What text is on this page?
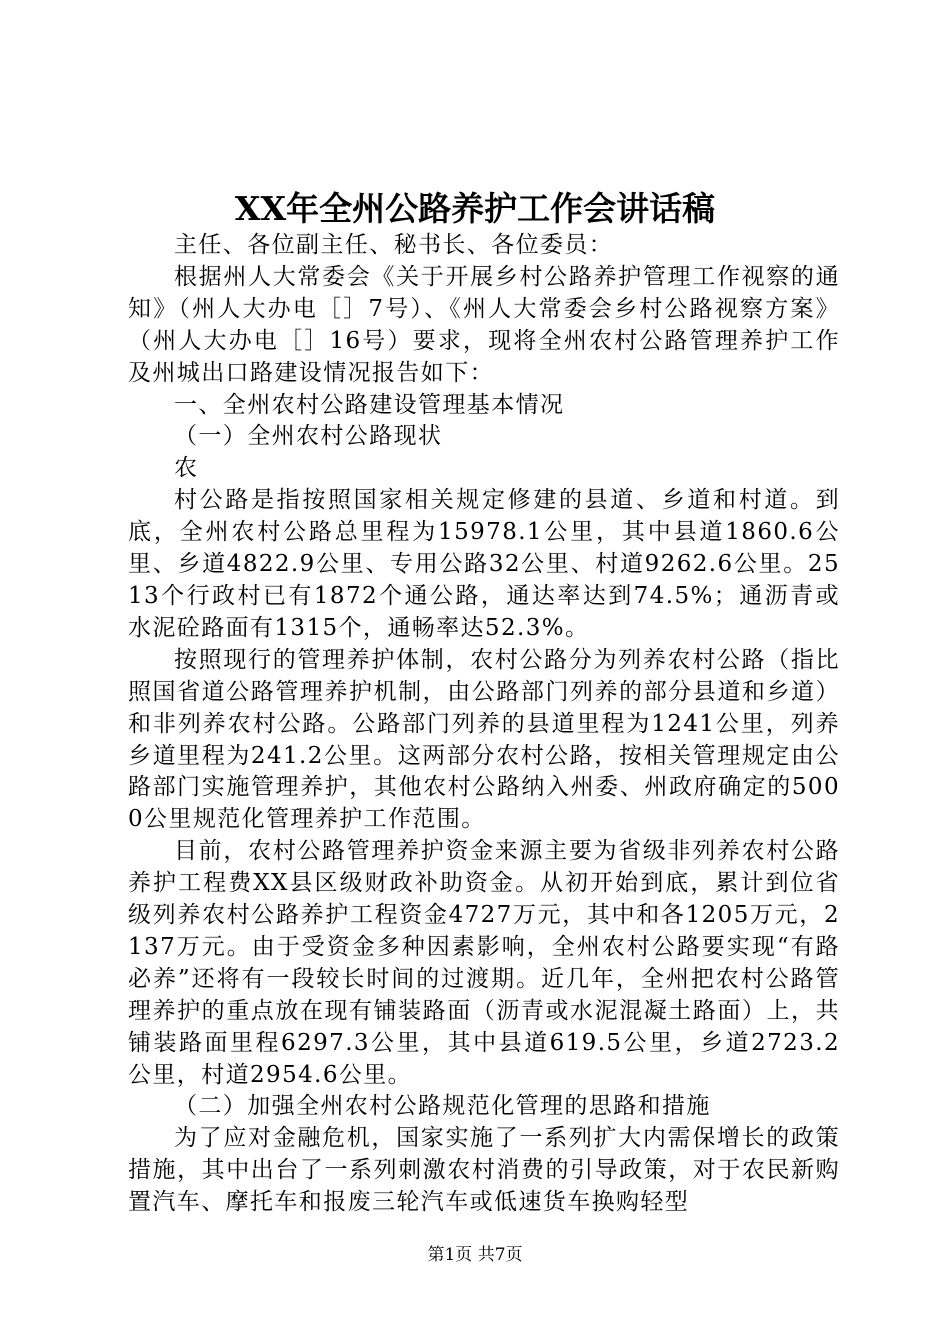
XX年全州公路养护工作会讲话稿

主任、各位副主任、秘书长、各位委员：

根据州人大常委会《关于开展乡村公路养护管理工作视察的通知》（州人大办电［］7号）、《州人大常委会乡村公路视察方案》（州人大办电［］16号）要求，现将全州农村公路管理养护工作及州城出口路建设情况报告如下：

一、全州农村公路建设管理基本情况

（一）全州农村公路现状

农

村公路是指按照国家相关规定修建的县道、乡道和村道。到底，全州农村公路总里程为15978.1公里，其中县道1860.6公里、乡道4822.9公里、专用公路32公里、村道9262.6公里。2513个行政村已有1872个通公路，通达率达到74.5%；通沥青或水泥砼路面有1315个，通畅率达52.3%。

按照现行的管理养护体制，农村公路分为列养农村公路（指比照国省道公路管理养护机制，由公路部门列养的部分县道和乡道）和非列养农村公路。公路部门列养的县道里程为1241公里，列养乡道里程为241.2公里。这两部分农村公路，按相关管理规定由公路部门实施管理养护，其他农村公路纳入州委、州政府确定的5000公里规范化管理养护工作范围。

目前，农村公路管理养护资金来源主要为省级非列养农村公路养护工程费XX县区级财政补助资金。从初开始到底，累计到位省级列养农村公路养护工程资金4727万元，其中和各1205万元，2137万元。由于受资金多种因素影响，全州农村公路要实现“有路必养”还将有一段较长时间的过渡期。近几年，全州把农村公路管理养护的重点放在现有铺装路面（沥青或水泥混凝土路面）上，共铺装路面里程6297.3公里，其中县道619.5公里，乡道2723.2公里，村道2954.6公里。

（二）加强全州农村公路规范化管理的思路和措施

为了应对金融危机，国家实施了一系列扩大内需保增长的政策措施，其中出台了一系列刺激农村消费的引导政策，对于农民新购置汽车、摩托车和报废三轮汽车或低速货车换购轻型

第1页 共7页
